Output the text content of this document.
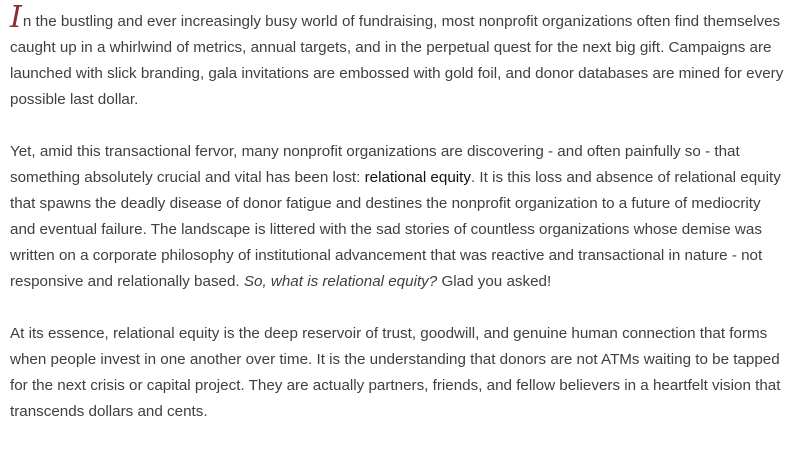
In the bustling and ever increasingly busy world of fundraising, most nonprofit organizations often find themselves caught up in a whirlwind of metrics, annual targets, and in the perpetual quest for the next big gift. Campaigns are launched with slick branding, gala invitations are embossed with gold foil, and donor databases are mined for every possible last dollar.

Yet, amid this transactional fervor, many nonprofit organizations are discovering - and often painfully so - that something absolutely crucial and vital has been lost: relational equity. It is this loss and absence of relational equity that spawns the deadly disease of donor fatigue and destines the nonprofit organization to a future of mediocrity and eventual failure. The landscape is littered with the sad stories of countless organizations whose demise was written on a corporate philosophy of institutional advancement that was reactive and transactional in nature - not responsive and relationally based. So, what is relational equity? Glad you asked!

At its essence, relational equity is the deep reservoir of trust, goodwill, and genuine human connection that forms when people invest in one another over time. It is the understanding that donors are not ATMs waiting to be tapped for the next crisis or capital project. They are actually partners, friends, and fellow believers in a heartfelt vision that transcends dollars and cents.
